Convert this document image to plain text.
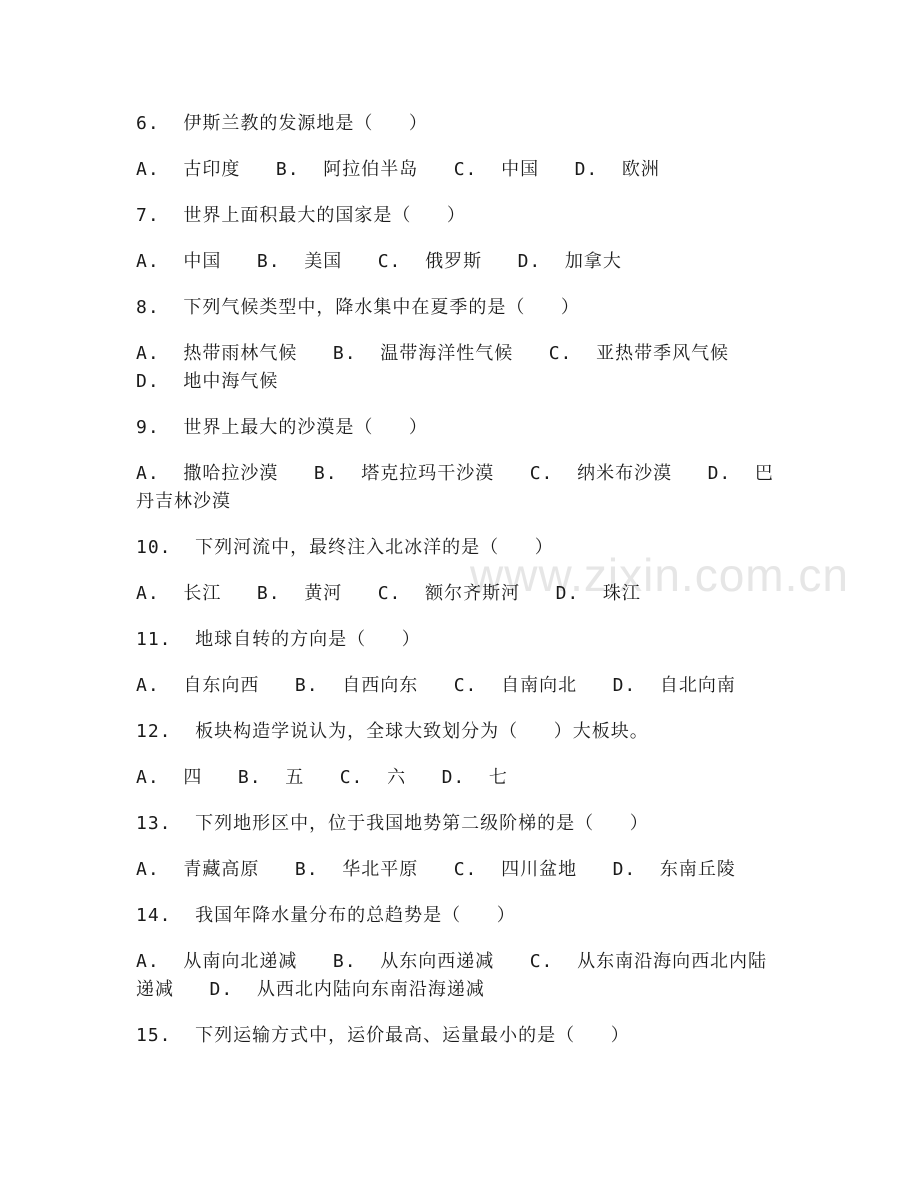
www.zixin.com.cn

6.  伊斯兰教的发源地是（   ）

A.  古印度   B.  阿拉伯半岛   C.  中国   D.  欧洲

7.  世界上面积最大的国家是（   ）

A.  中国   B.  美国   C.  俄罗斯   D.  加拿大

8.  下列气候类型中，降水集中在夏季的是（   ）

A.  热带雨林气候   B.  温带海洋性气候   C.  亚热带季风气候   D.  地中海气候

9.  世界上最大的沙漠是（   ）

A.  撒哈拉沙漠   B.  塔克拉玛干沙漠   C.  纳米布沙漠   D.  巴丹吉林沙漠

10.  下列河流中，最终注入北冰洋的是（   ）

A.  长江   B.  黄河   C.  额尔齐斯河   D.  珠江

11.  地球自转的方向是（   ）

A.  自东向西   B.  自西向东   C.  自南向北   D.  自北向南

12.  板块构造学说认为，全球大致划分为（   ）大板块。

A.  四   B.  五   C.  六   D.  七

13.  下列地形区中，位于我国地势第二级阶梯的是（   ）

A.  青藏高原   B.  华北平原   C.  四川盆地   D.  东南丘陵

14.  我国年降水量分布的总趋势是（   ）

A.  从南向北递减   B.  从东向西递减   C.  从东南沿海向西北内陆递减   D.  从西北内陆向东南沿海递减

15.  下列运输方式中，运价最高、运量最小的是（   ）
